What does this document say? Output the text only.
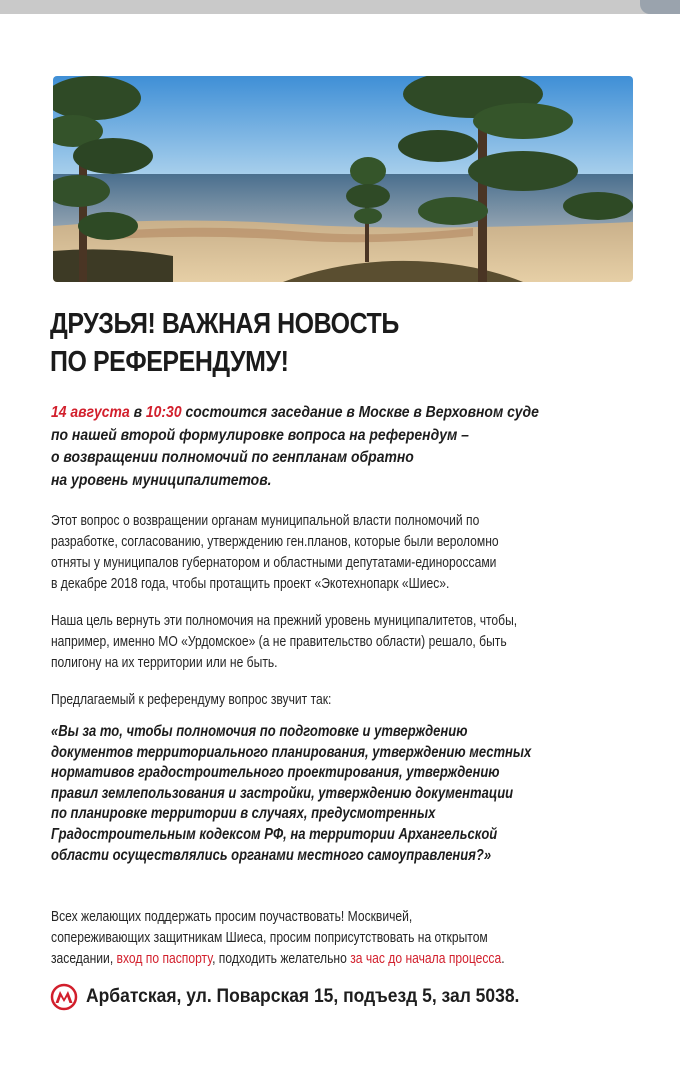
ДРУЗЬЯ! ВАЖНАЯ НОВОСТЬ
ПО РЕФЕРЕНДУМУ!
14 августа в 10:30 состоится заседание в Москве в Верховном суде
по нашей второй формулировке вопроса на референдум –
о возвращении полномочий по генпланам обратно
на уровень муниципалитетов.
Этот вопрос о возвращении органам муниципальной власти полномочий по
разработке, согласованию, утверждению ген.планов, которые были вероломно
отняты у муниципалов губернатором и областными депутатами-единороссами
в декабре 2018 года, чтобы протащить проект «Экотехнопарк «Шиес».
Наша цель вернуть эти полномочия на прежний уровень муниципалитетов, чтобы,
например, именно МО «Урдомское» (а не правительство области) решало, быть
полигону на их территории или не быть.
Предлагаемый к референдуму вопрос звучит так:
«Вы за то, чтобы полномочия по подготовке и утверждению
документов территориального планирования, утверждению местных
нормативов градостроительного проектирования, утверждению
правил землепользования и застройки, утверждению документации
по планировке территории в случаях, предусмотренных
Градостроительным кодексом РФ, на территории Архангельской
области осуществлялись органами местного самоуправления?»
Всех желающих поддержать просим поучаствовать! Москвичей,
сопереживающих защитникам Шиеса, просим поприсутствовать на открытом
заседании, вход по паспорту, подходить желательно за час до начала процесса.
Арбатская, ул. Поварская 15, подъезд 5, зал 5038.
